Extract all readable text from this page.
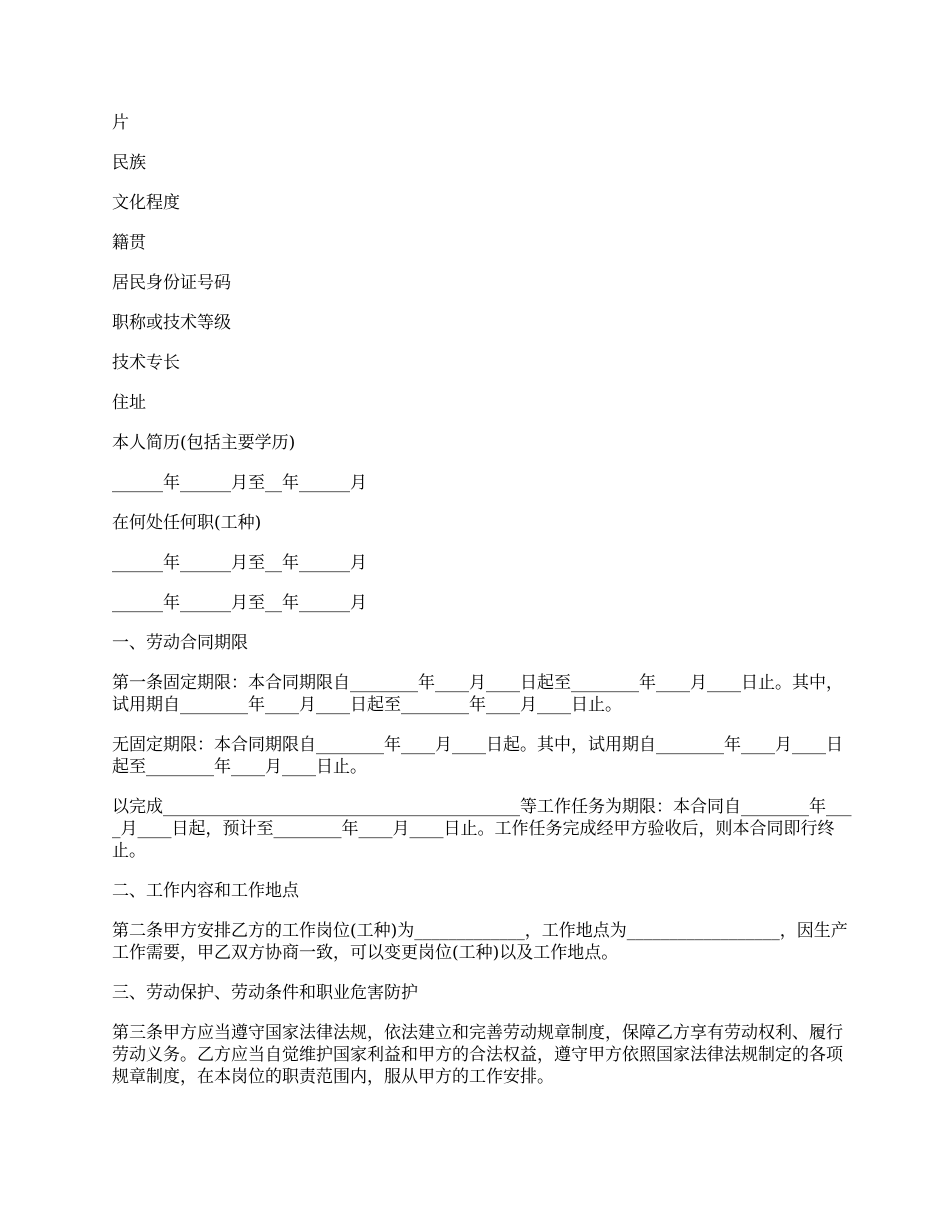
片

民族

文化程度

籍贯

居民身份证号码

职称或技术等级

技术专长

住址

本人简历(包括主要学历)

______年______月至__年______月

在何处任何职(工种)

______年______月至__年______月

______年______月至__年______月

一、劳动合同期限

第一条固定期限：本合同期限自________年____月____日起至________年____月____日止。其中，试用期自________年____月____日起至________年____月____日止。

无固定期限：本合同期限自________年____月____日起。其中，试用期自________年____月____日起至________年____月____日止。

以完成__________________________________________等工作任务为期限：本合同自________年____月____日起，预计至________年____月____日止。工作任务完成经甲方验收后，则本合同即行终止。

二、工作内容和工作地点

第二条甲方安排乙方的工作岗位(工种)为_____________，工作地点为__________________，因生产工作需要，甲乙双方协商一致，可以变更岗位(工种)以及工作地点。

三、劳动保护、劳动条件和职业危害防护

第三条甲方应当遵守国家法律法规，依法建立和完善劳动规章制度，保障乙方享有劳动权利、履行劳动义务。乙方应当自觉维护国家利益和甲方的合法权益，遵守甲方依照国家法律法规制定的各项规章制度，在本岗位的职责范围内，服从甲方的工作安排。
